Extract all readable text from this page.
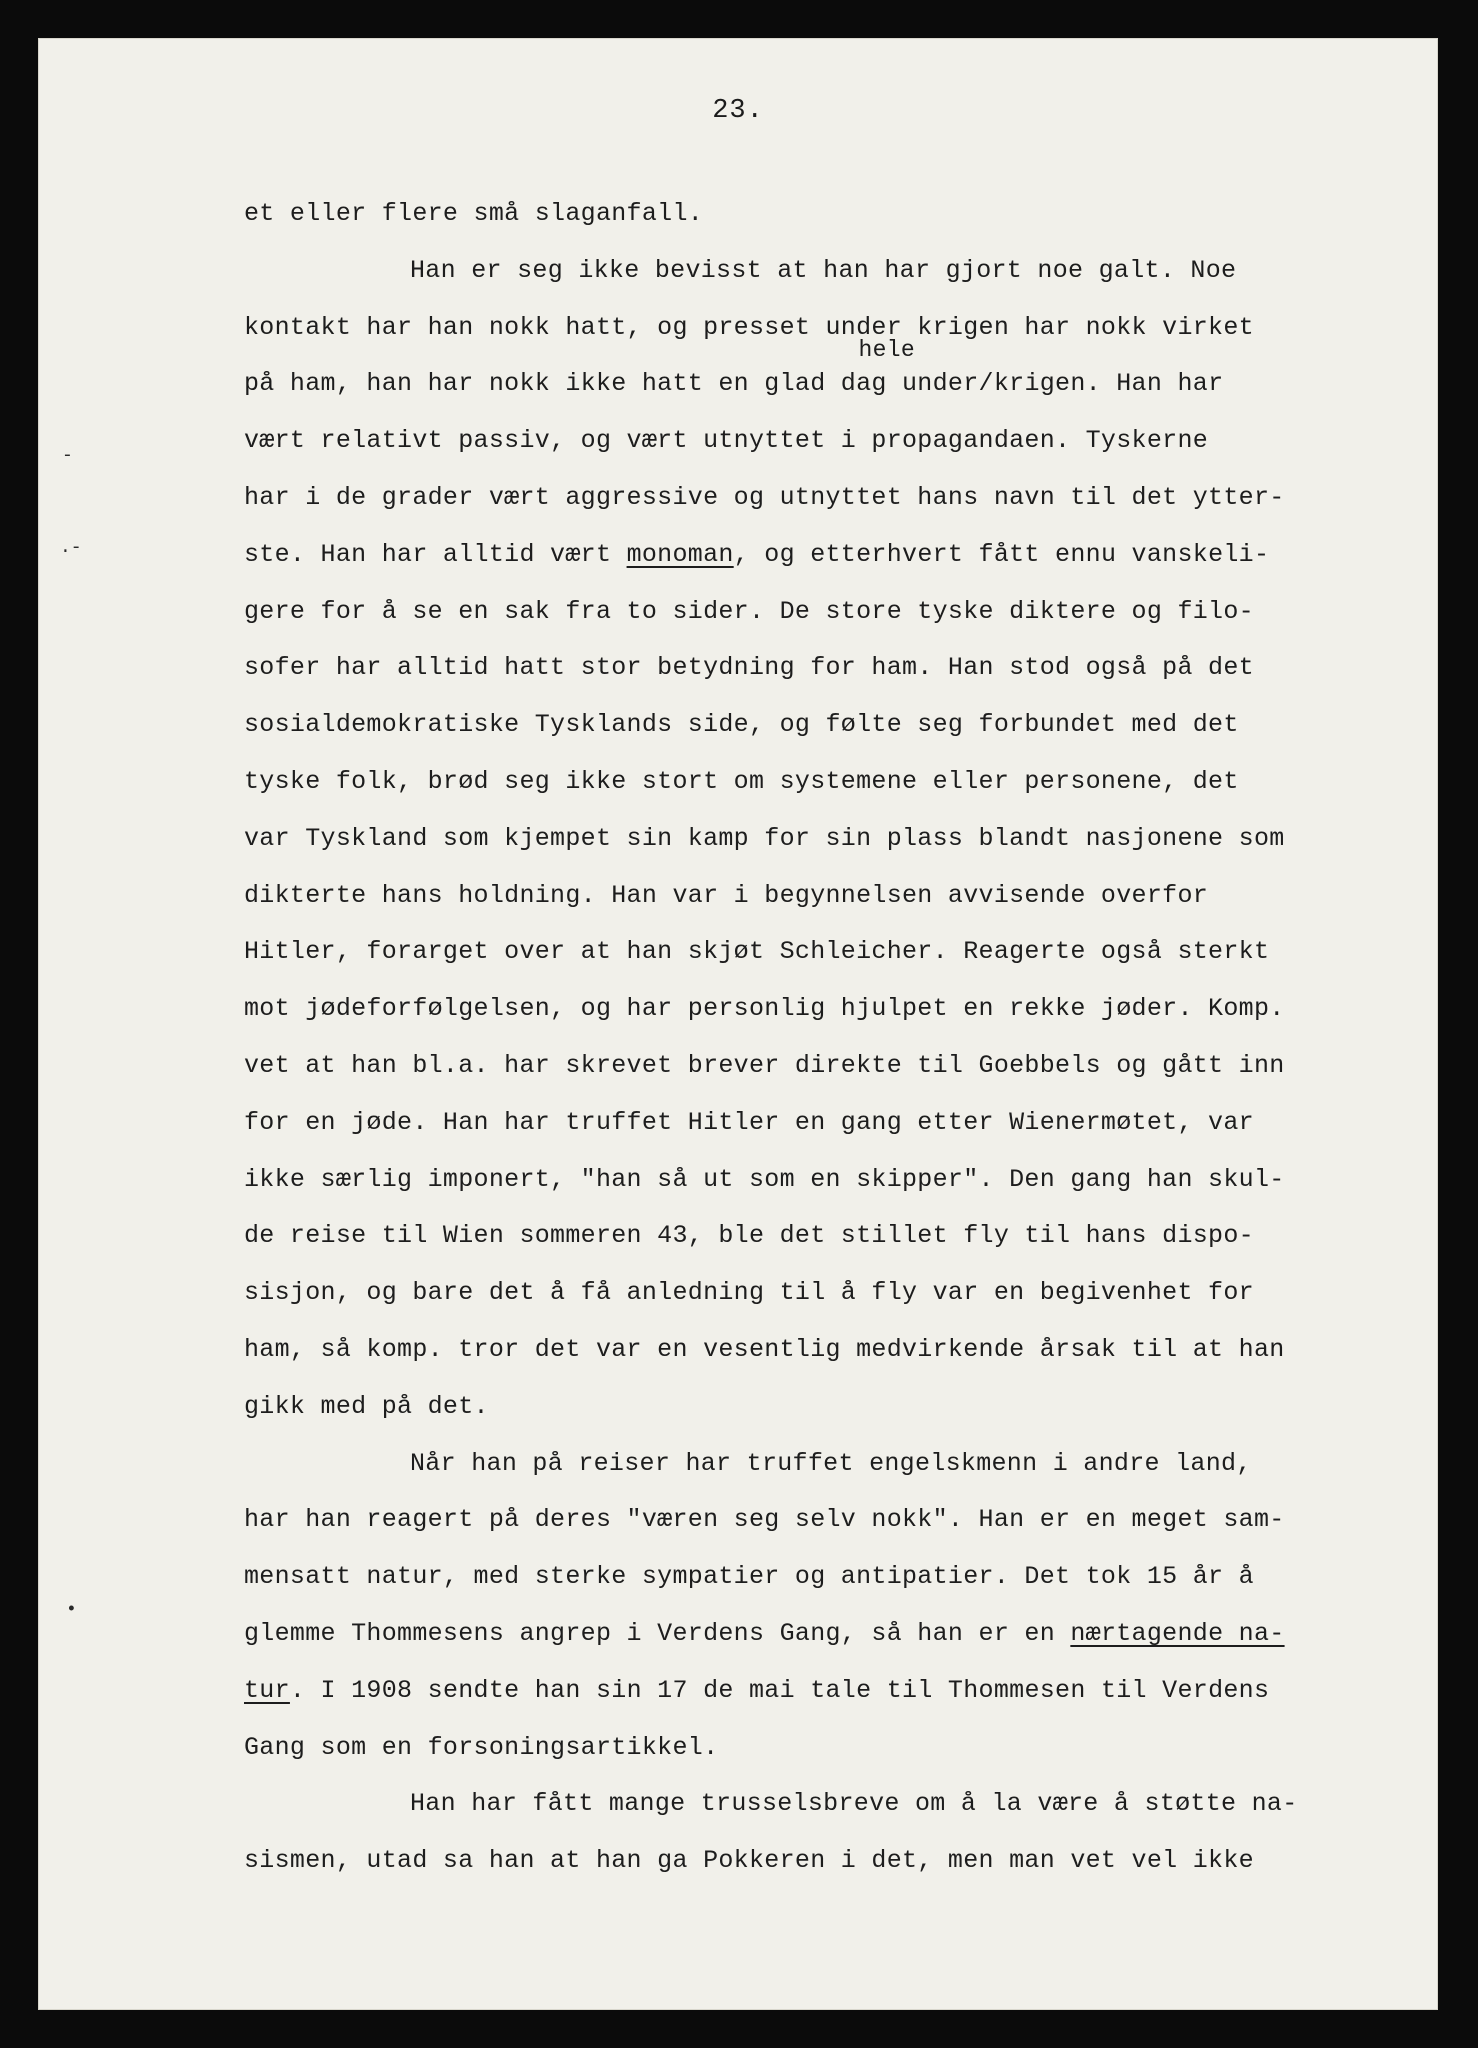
23.
-
.-
•
et eller flere små slaganfall.
Han er seg ikke bevisst at han har gjort noe galt. Noe
kontakt har han nokk hatt, og presset under krigen har nokk virket
på ham, han har nokk ikke hatt en glad dag under
hele
/krigen. Han har
vært relativt passiv, og vært utnyttet i propagandaen. Tyskerne
har i de grader vært aggressive og utnyttet hans navn til det ytter-
ste. Han har alltid vært monoman, og etterhvert fått ennu vanskeli-
gere for å se en sak fra to sider. De store tyske diktere og filo-
sofer har alltid hatt stor betydning for ham. Han stod også på det
sosialdemokratiske Tysklands side, og følte seg forbundet med det
tyske folk, brød seg ikke stort om systemene eller personene, det
var Tyskland som kjempet sin kamp for sin plass blandt nasjonene som
dikterte hans holdning. Han var i begynnelsen avvisende overfor
Hitler, forarget over at han skjøt Schleicher. Reagerte også sterkt
mot jødeforfølgelsen, og har personlig hjulpet en rekke jøder. Komp.
vet at han bl.a. har skrevet brever direkte til Goebbels og gått inn
for en jøde. Han har truffet Hitler en gang etter Wienermøtet, var
ikke særlig imponert, "han så ut som en skipper". Den gang han skul-
de reise til Wien sommeren 43, ble det stillet fly til hans dispo-
sisjon, og bare det å få anledning til å fly var en begivenhet for
ham, så komp. tror det var en vesentlig medvirkende årsak til at han
gikk med på det.
Når han på reiser har truffet engelskmenn i andre land,
har han reagert på deres "væren seg selv nokk". Han er en meget sam-
mensatt natur, med sterke sympatier og antipatier. Det tok 15 år å
glemme Thommesens angrep i Verdens Gang, så han er en nærtagende na-
tur. I 1908 sendte han sin 17 de mai tale til Thommesen til Verdens
Gang som en forsoningsartikkel.
Han har fått mange trusselsbreve om å la være å støtte na-
sismen, utad sa han at han ga Pokkeren i det, men man vet vel ikke
